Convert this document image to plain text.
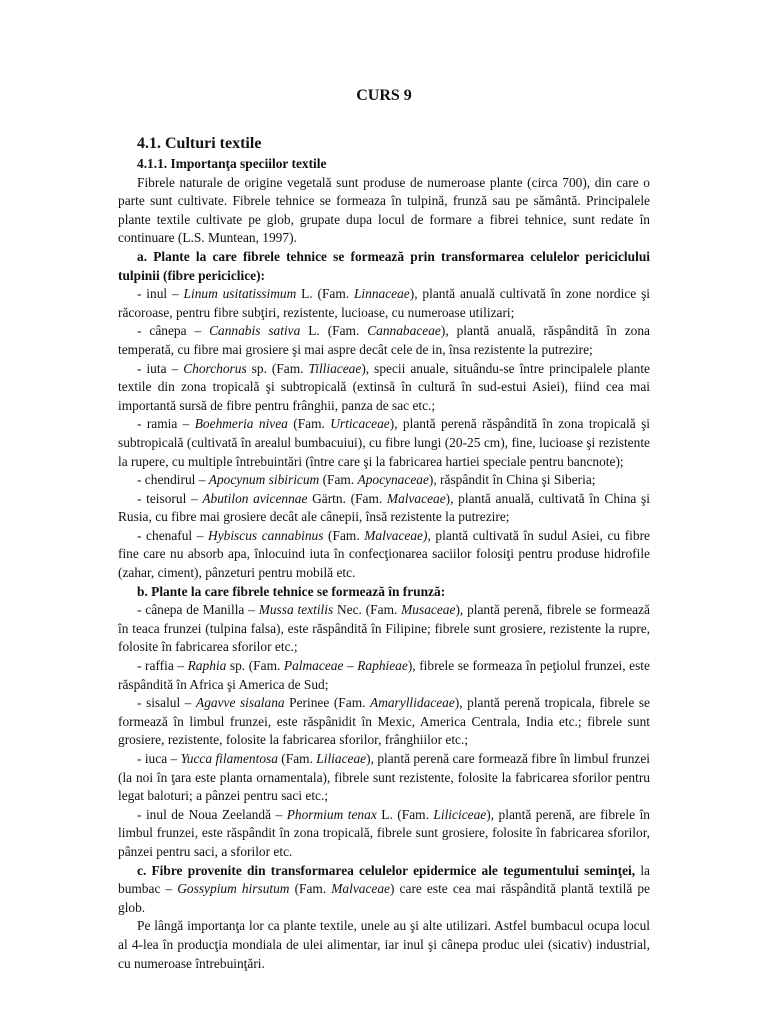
CURS 9

4.1. Culturi textile

4.1.1. Importanţa speciilor textile

Fibrele naturale de origine vegetală sunt produse de numeroase plante (circa 700), din care o parte sunt cultivate. Fibrele tehnice se formeaza în tulpină, frunză sau pe sământă. Principalele plante textile cultivate pe glob, grupate dupa locul de formare a fibrei tehnice, sunt redate în continuare (L.S. Muntean, 1997).

a. Plante la care fibrele tehnice se formează prin transformarea celulelor periciclului tulpinii (fibre periciclice):

- inul – Linum usitatissimum L. (Fam. Linnaceae), plantă anuală cultivată în zone nordice şi răcoroase, pentru fibre subţiri, rezistente, lucioase, cu numeroase utilizari;

- cânepa – Cannabis sativa L. (Fam. Cannabaceae), plantă anuală, răspândită în zona temperată, cu fibre mai grosiere şi mai aspre decât cele de in, însa rezistente la putrezire;

- iuta – Chorchorus sp. (Fam. Tilliaceae), specii anuale, situându-se între principalele plante textile din zona tropicală şi subtropicală (extinsă în cultură în sud-estui Asiei), fiind cea mai importantă sursă de fibre pentru frânghii, panza de sac etc.;

- ramia – Boehmeria nivea (Fam. Urticaceae), plantă perenă răspândită în zona tropicală şi subtropicală (cultivată în arealul bumbacuiui), cu fibre lungi (20-25 cm), fine, lucioase şi rezistente la rupere, cu multiple întrebuintări (între care şi la fabricarea hartiei speciale pentru bancnote);

- chendirul – Apocynum sibiricum (Fam. Apocynaceae), răspândit în China şi Siberia;

- teisorul – Abutilon avicennae Gärtn. (Fam. Malvaceae), plantă anuală, cultivată în China şi Rusia, cu fibre mai grosiere decât ale cânepii, însă rezistente la putrezire;

- chenaful – Hybiscus cannabinus (Fam. Malvaceae), plantă cultivată în sudul Asiei, cu fibre fine care nu absorb apa, înlocuind iuta în confecţionarea saciilor folosiţi pentru produse hidrofile (zahar, ciment), pânzeturi pentru mobilă etc.

b. Plante la care fibrele tehnice se formează în frunză:

- cânepa de Manilla – Mussa textilis Nec. (Fam. Musaceae), plantă perenă, fibrele se formează în teaca frunzei (tulpina falsa), este răspândită în Filipine; fibrele sunt grosiere, rezistente la rupre, folosite în fabricarea sforilor etc.;

- raffia – Raphia sp. (Fam. Palmaceae – Raphieae), fibrele se formeaza în peţiolul frunzei, este răspândită în Africa şi America de Sud;

- sisalul – Agavve sisalana Perinee (Fam. Amaryllidaceae), plantă perenă tropicala, fibrele se formează în limbul frunzei, este răspânidit în Mexic, America Centrala, India etc.; fibrele sunt grosiere, rezistente, folosite la fabricarea sforilor, frânghiilor etc.;

- iuca – Yucca filamentosa (Fam. Liliaceae), plantă perenă care formează fibre în limbul frunzei (la noi în ţara este planta ornamentala), fibrele sunt rezistente, folosite la fabricarea sforilor pentru legat baloturi; a pânzei pentru saci etc.;

- inul de Noua Zeelandă – Phormium tenax L. (Fam. Liliciceae), plantă perenă, are fibrele în limbul frunzei, este răspândit în zona tropicală, fibrele sunt grosiere, folosite în fabricarea sforilor, pânzei pentru saci, a sforilor etc.

c. Fibre provenite din transformarea celulelor epidermice ale tegumentului seminţei, la bumbac – Gossypium hirsutum (Fam. Malvaceae) care este cea mai răspândită plantă textilă pe glob.

Pe lângă importanţa lor ca plante textile, unele au şi alte utilizari. Astfel bumbacul ocupa locul al 4-lea în producţia mondiala de ulei alimentar, iar inul şi cânepa produc ulei (sicativ) industrial, cu numeroase întrebuinţări.
